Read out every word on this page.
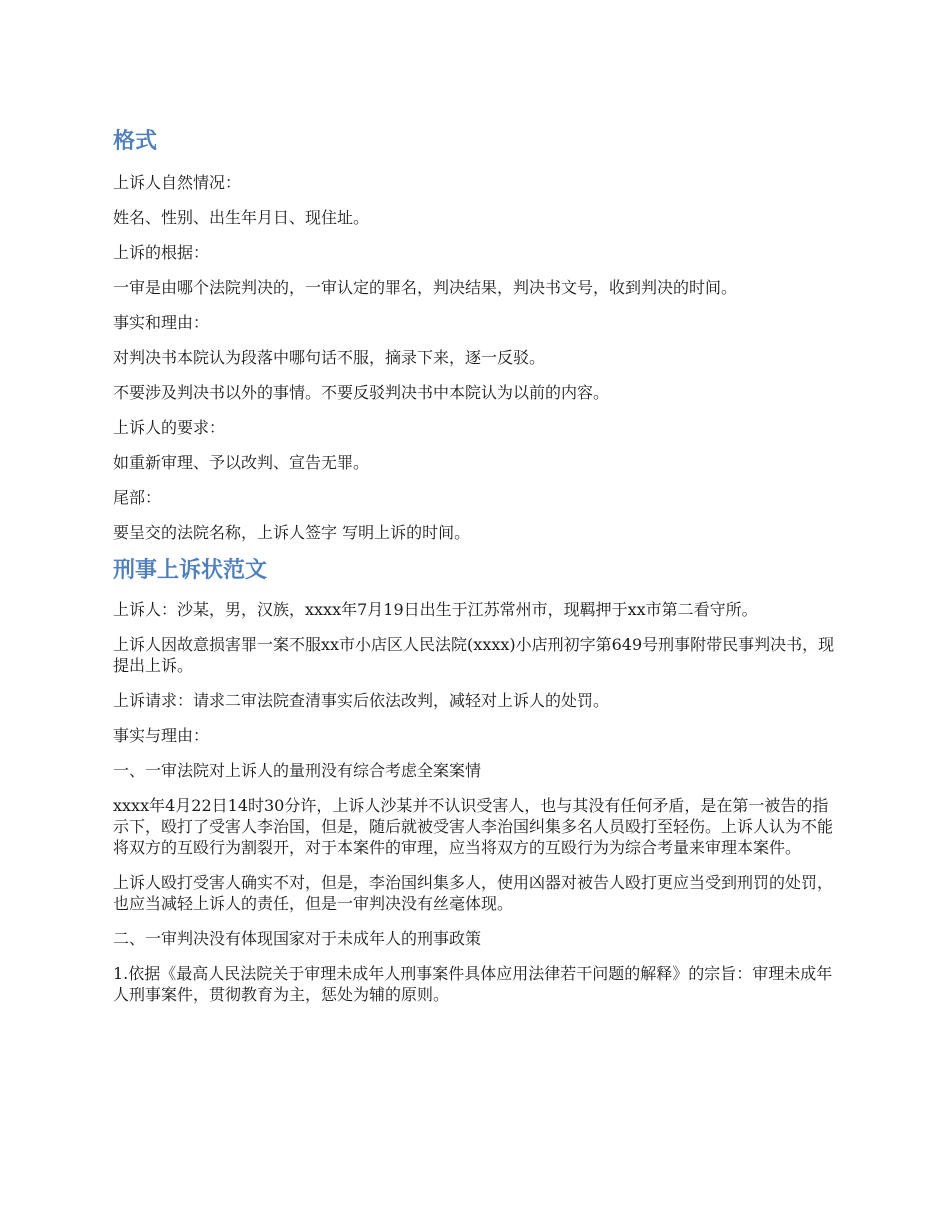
格式

上诉人自然情况：

姓名、性别、出生年月日、现住址。

上诉的根据：

一审是由哪个法院判决的，一审认定的罪名，判决结果，判决书文号，收到判决的时间。

事实和理由：

对判决书本院认为段落中哪句话不服，摘录下来，逐一反驳。

不要涉及判决书以外的事情。不要反驳判决书中本院认为以前的内容。

上诉人的要求：

如重新审理、予以改判、宣告无罪。

尾部：

要呈交的法院名称，上诉人签字 写明上诉的时间。

刑事上诉状范文

上诉人：沙某，男，汉族，xxxx年7月19日出生于江苏常州市，现羁押于xx市第二看守所。

上诉人因故意损害罪一案不服xx市小店区人民法院(xxxx)小店刑初字第649号刑事附带民事判决书，现提出上诉。

上诉请求：请求二审法院查清事实后依法改判，减轻对上诉人的处罚。

事实与理由：

一、一审法院对上诉人的量刑没有综合考虑全案案情

xxxx年4月22日14时30分许，上诉人沙某并不认识受害人，也与其没有任何矛盾，是在第一被告的指示下，殴打了受害人李治国，但是，随后就被受害人李治国纠集多名人员殴打至轻伤。上诉人认为不能将双方的互殴行为割裂开，对于本案件的审理，应当将双方的互殴行为为综合考量来审理本案件。

上诉人殴打受害人确实不对，但是，李治国纠集多人，使用凶器对被告人殴打更应当受到刑罚的处罚，也应当减轻上诉人的责任，但是一审判决没有丝毫体现。

二、一审判决没有体现国家对于未成年人的刑事政策

1.依据《最高人民法院关于审理未成年人刑事案件具体应用法律若干问题的解释》的宗旨：审理未成年人刑事案件，贯彻教育为主，惩处为辅的原则。
